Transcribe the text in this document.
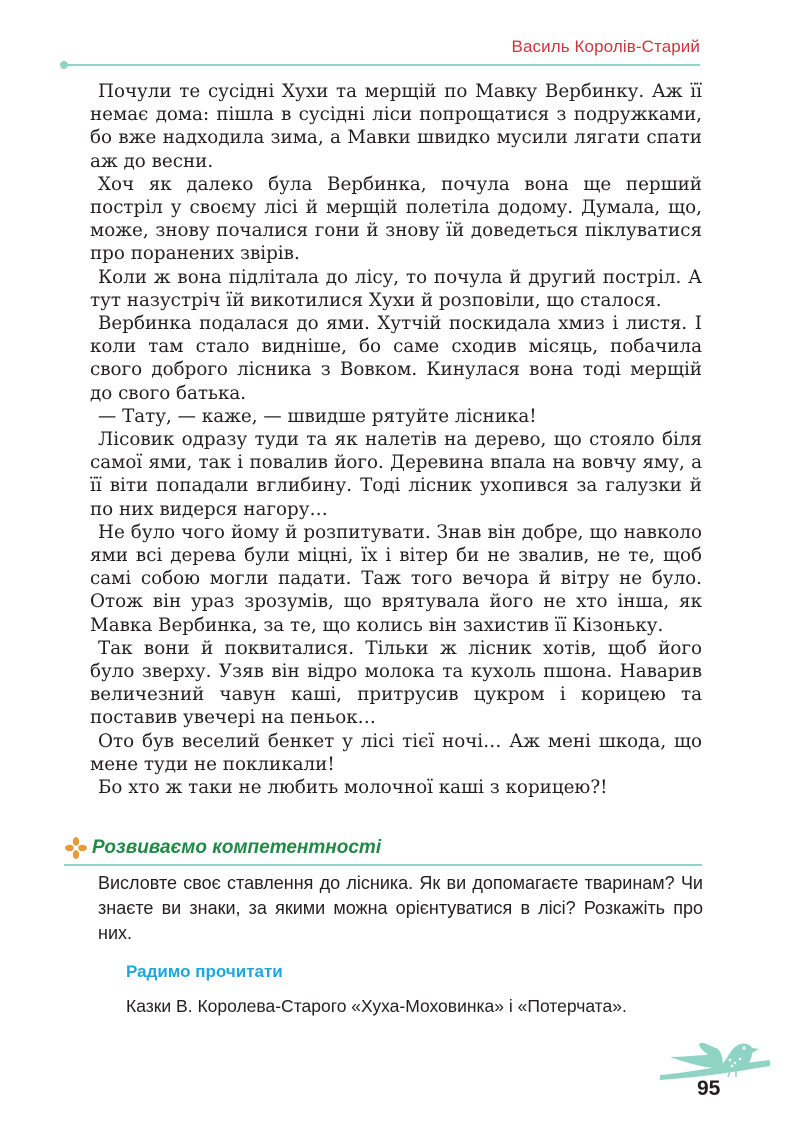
Василь Королів-Старий

Почули те сусідні Хухи та мерщій по Мавку Вербинку. Аж її немає дома: пішла в сусідні ліси попрощатися з подружками, бо вже надходила зима, а Мавки швидко мусили лягати спати аж до весни.

Хоч як далеко була Вербинка, почула вона ще перший постріл у своєму лісі й мерщій полетіла додому. Думала, що, може, знову почалися гони й знову їй доведеться піклуватися про поранених звірів.

Коли ж вона підлітала до лісу, то почула й другий постріл. А тут назустріч їй викотилися Хухи й розповіли, що сталося.

Вербинка подалася до ями. Хутчій поскидала хмиз і листя. І коли там стало видніше, бо саме сходив місяць, побачила свого доброго лісника з Вовком. Кинулася вона тоді мерщій до свого батька.

— Тату, — каже, — швидше рятуйте лісника!

Лісовик одразу туди та як налетів на дерево, що стояло біля самої ями, так і повалив його. Деревина впала на вовчу яму, а її віти попадали вглибину. Тоді лісник ухопився за галузки й по них видерся нагору…

Не було чого йому й розпитувати. Знав він добре, що навколо ями всі дерева були міцні, їх і вітер би не звалив, не те, щоб самі собою могли падати. Таж того вечора й вітру не було. Отож він ураз зрозумів, що врятувала його не хто інша, як Мавка Вербинка, за те, що колись він захистив її Кізоньку.

Так вони й поквиталися. Тільки ж лісник хотів, щоб його було зверху. Узяв він відро молока та кухоль пшона. Наварив величезний чавун каші, притрусив цукром і корицею та поставив увечері на пеньок…

Ото був веселий бенкет у лісі тієї ночі… Аж мені шкода, що мене туди не покликали!

Бо хто ж таки не любить молочної каші з корицею?!

Розвиваємо компетентності
Висловте своє ставлення до лісника. Як ви допомагаєте тваринам? Чи знаєте ви знаки, за якими можна орієнтуватися в лісі? Розкажіть про них.
Радимо прочитати
Казки В. Королева-Старого «Хуха-Моховинка» і «Потерчата».
95
